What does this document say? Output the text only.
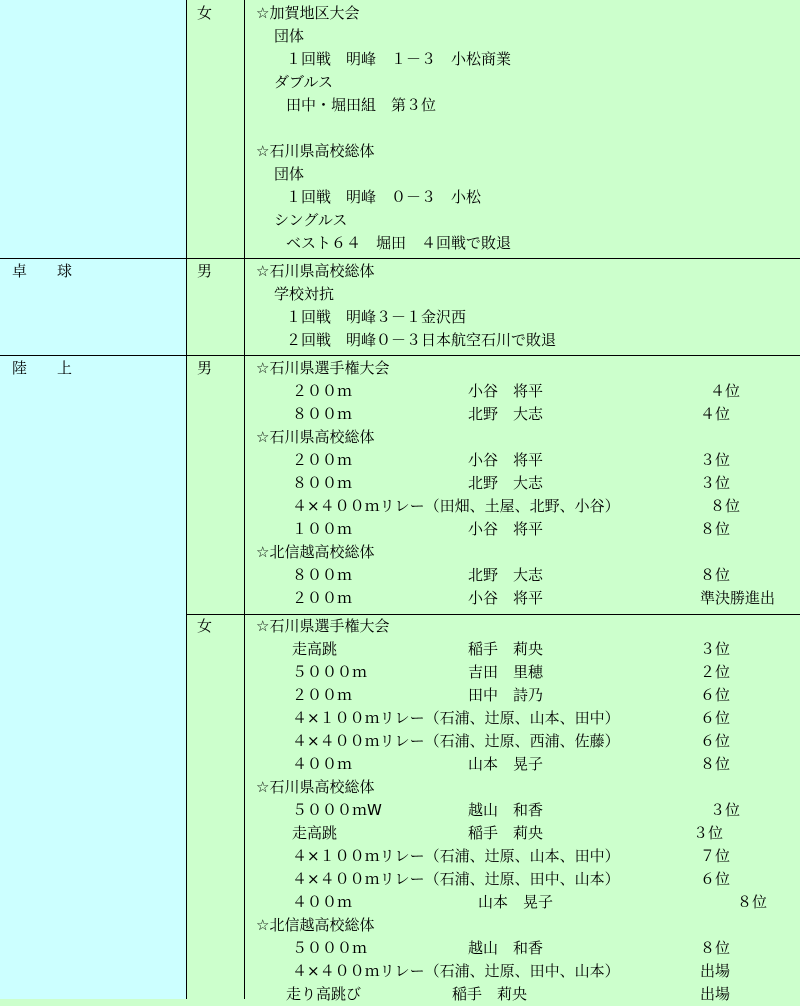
女	☆加賀地区大会
団体
１回戦　明峰　１－３　小松商業
ダブルス
田中・堀田組　第３位
☆石川県高校総体
団体
１回戦　明峰　０－３　小松
シングルス
ベスト６４　堀田　４回戦で敗退
卓　　球	男	☆石川県高校総体
学校対抗
１回戦　明峰３－１金沢西
２回戦　明峰０－３日本航空石川で敗退
陸　　上	男	☆石川県選手権大会
２００ｍ	小谷　将平	４位
８００ｍ	北野　大志	４位
☆石川県高校総体
２００ｍ	小谷　将平	３位
８００ｍ	北野　大志	３位
４×４００ｍリレー（田畑、土屋、北野、小谷）	８位
１００ｍ	小谷　将平	８位
☆北信越高校総体
８００ｍ	北野　大志	８位
２００ｍ	小谷　将平	準決勝進出
女	☆石川県選手権大会
走高跳	稲手　莉央	３位
５０００ｍ	吉田　里穂	２位
２００ｍ	田中　詩乃	６位
４×１００ｍリレー（石浦、辻原、山本、田中）	６位
４×４００ｍリレー（石浦、辻原、西浦、佐藤）	６位
４００ｍ	山本　晃子	８位
☆石川県高校総体
５０００ｍW	越山　和香	３位
走高跳	稲手　莉央	３位
４×１００ｍリレー（石浦、辻原、山本、田中）	７位
４×４００ｍリレー（石浦、辻原、田中、山本）	６位
４００ｍ	山本　晃子	８位
☆北信越高校総体
５０００ｍ	越山　和香	８位
４×４００ｍリレー（石浦、辻原、田中、山本）	出場
走り高跳び	稲手　莉央	出場
